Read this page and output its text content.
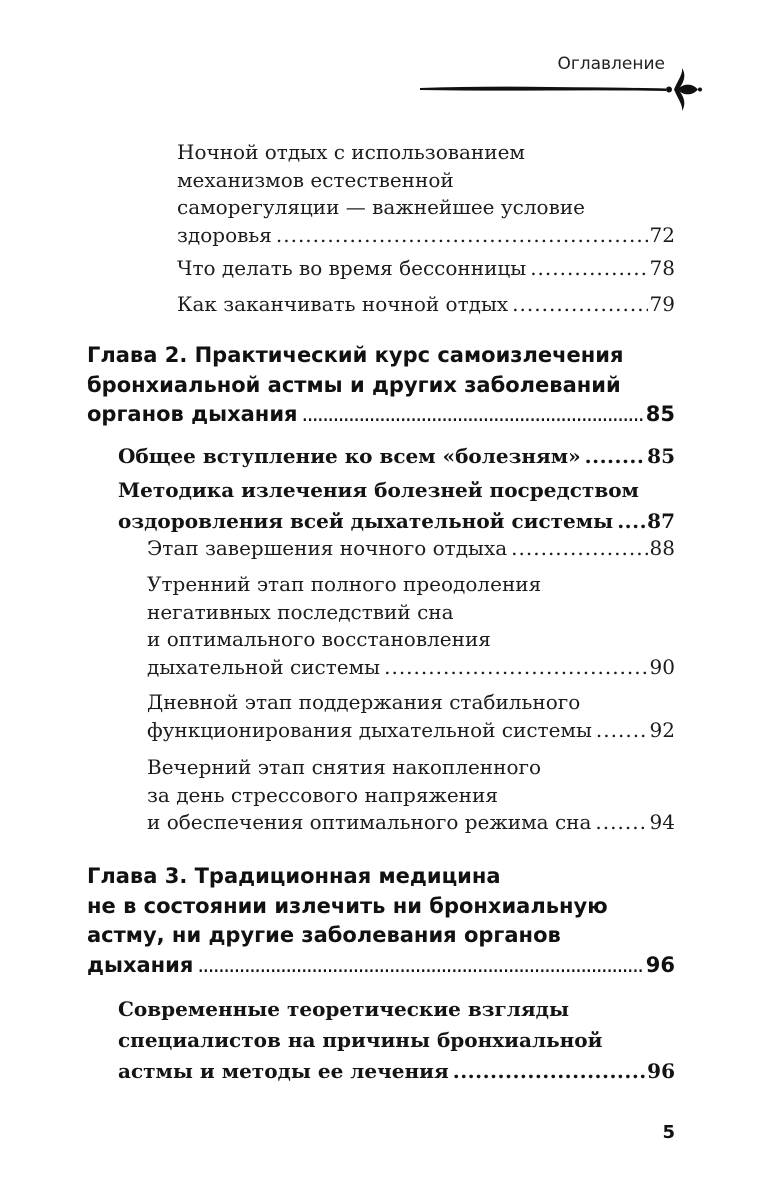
Оглавление
Ночной отдых с использованием
механизмов естественной
саморегуляции — важнейшее условие
здоровья .....	72
Что делать во время бессонницы .....	78
Как заканчивать ночной отдых .....	79
Глава 2. Практический курс самоизлечения
бронхиальной астмы и других заболеваний
органов дыхания .....	85
Общее вступление ко всем «болезням» .....	85
Методика излечения болезней посредством
оздоровления всей дыхательной системы ..... 87
Этап завершения ночного отдыха .....	88
Утренний этап полного преодоления
негативных последствий сна
и оптимального восстановления
дыхательной системы .....	90
Дневной этап поддержания стабильного
функционирования дыхательной системы .....	92
Вечерний этап снятия накопленного
за день стрессового напряжения
и обеспечения оптимального режима сна .....	94
Глава 3. Традиционная медицина
не в состоянии излечить ни бронхиальную
астму, ни другие заболевания органов
дыхания .....	96
Современные теоретические взгляды
специалистов на причины бронхиальной
астмы и методы ее лечения .....	96
5
